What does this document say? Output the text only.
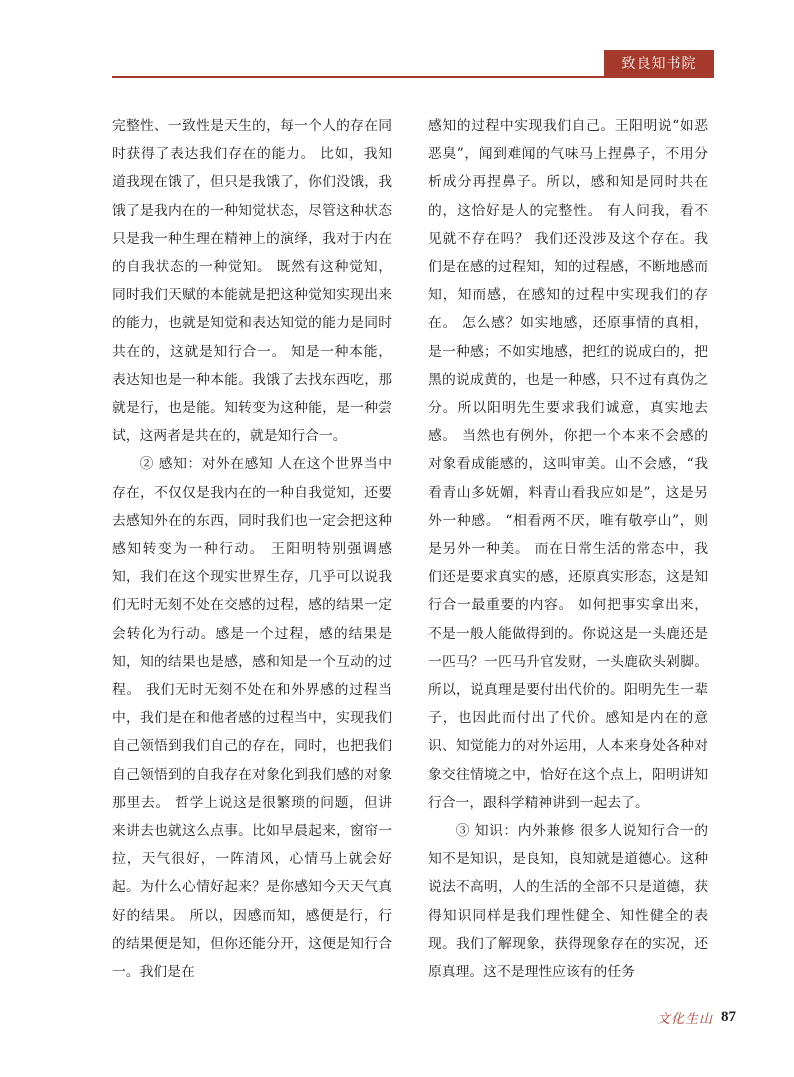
致良知书院

完整性、一致性是天生的，每一个人的存在同时获得了表达我们存在的能力。 比如，我知道我现在饿了，但只是我饿了，你们没饿，我饿了是我内在的一种知觉状态，尽管这种状态只是我一种生理在精神上的演绎，我对于内在的自我状态的一种觉知。 既然有这种觉知，同时我们天赋的本能就是把这种觉知实现出来的能力，也就是知觉和表达知觉的能力是同时共在的，这就是知行合一。 知是一种本能，表达知也是一种本能。我饿了去找东西吃，那就是行，也是能。知转变为这种能，是一种尝试，这两者是共在的，就是知行合一。

② 感知：对外在感知 人在这个世界当中存在，不仅仅是我内在的一种自我觉知，还要去感知外在的东西，同时我们也一定会把这种感知转变为一种行动。 王阳明特别强调感知，我们在这个现实世界生存，几乎可以说我们无时无刻不处在交感的过程，感的结果一定会转化为行动。感是一个过程，感的结果是知，知的结果也是感，感和知是一个互动的过程。 我们无时无刻不处在和外界感的过程当中，我们是在和他者感的过程当中，实现我们自己领悟到我们自己的存在，同时，也把我们自己领悟到的自我存在对象化到我们感的对象那里去。 哲学上说这是很繁琐的问题，但讲来讲去也就这么点事。比如早晨起来，窗帘一拉，天气很好，一阵清风，心情马上就会好起。为什么心情好起来？是你感知今天天气真好的结果。 所以，因感而知，感便是行，行的结果便是知，但你还能分开，这便是知行合一。我们是在

感知的过程中实现我们自己。王阳明说“如恶恶臭”，闻到难闻的气味马上捏鼻子，不用分析成分再捏鼻子。所以，感和知是同时共在的，这恰好是人的完整性。 有人问我，看不见就不存在吗？ 我们还没涉及这个存在。我们是在感的过程知，知的过程感，不断地感而知，知而感，在感知的过程中实现我们的存在。 怎么感？如实地感，还原事情的真相，是一种感；不如实地感，把红的说成白的，把黑的说成黄的，也是一种感，只不过有真伪之分。所以阳明先生要求我们诚意，真实地去感。 当然也有例外，你把一个本来不会感的对象看成能感的，这叫审美。山不会感，“我看青山多妩媚，料青山看我应如是”，这是另外一种感。 “相看两不厌，唯有敬亭山”，则是另外一种美。 而在日常生活的常态中，我们还是要求真实的感，还原真实形态，这是知行合一最重要的内容。 如何把事实拿出来，不是一般人能做得到的。你说这是一头鹿还是一匹马？一匹马升官发财，一头鹿砍头剁脚。 所以，说真理是要付出代价的。阳明先生一辈子，也因此而付出了代价。感知是内在的意识、知觉能力的对外运用，人本来身处各种对象交往情境之中，恰好在这个点上，阳明讲知行合一，跟科学精神讲到一起去了。

③ 知识：内外兼修 很多人说知行合一的知不是知识，是良知，良知就是道德心。这种说法不高明，人的生活的全部不只是道德，获得知识同样是我们理性健全、知性健全的表现。我们了解现象，获得现象存在的实况，还原真理。这不是理性应该有的任务

文化生山 87
